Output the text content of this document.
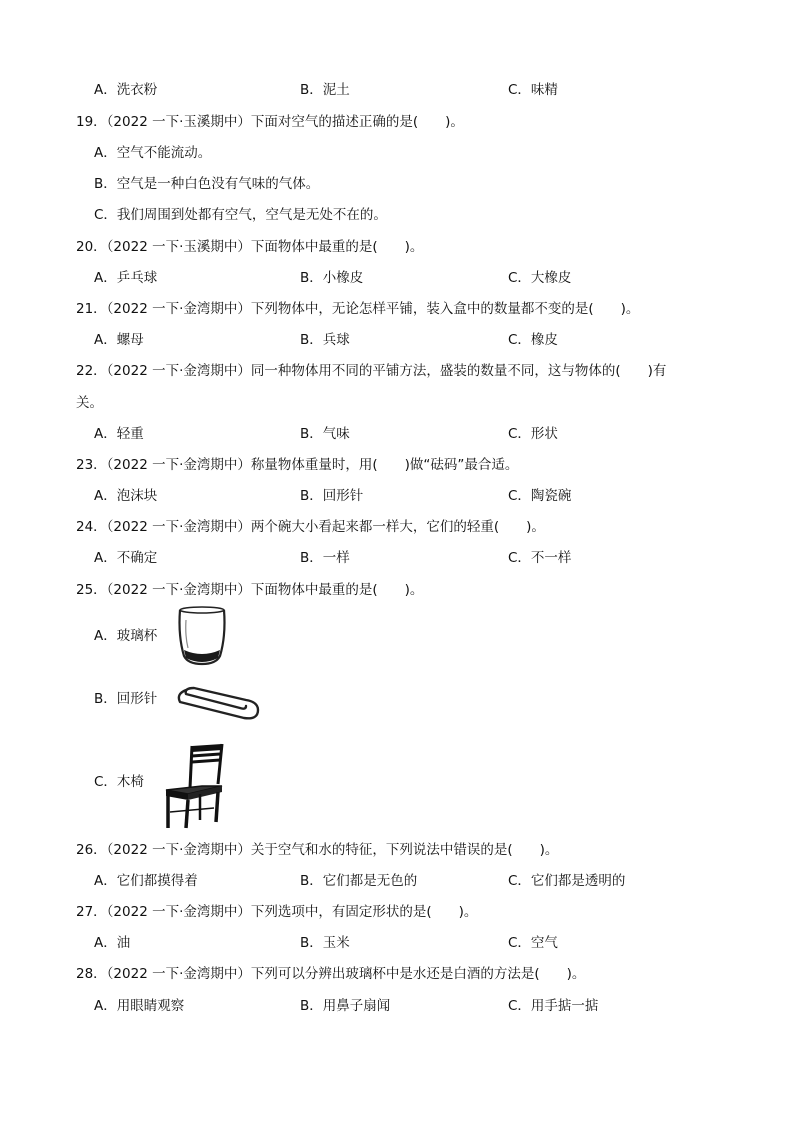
A．洗衣粉	B．泥土	C．味精
19．（2022 一下·玉溪期中）下面对空气的描述正确的是(　　)。
A．空气不能流动。
B．空气是一种白色没有气味的气体。
C．我们周围到处都有空气，空气是无处不在的。
20．（2022 一下·玉溪期中）下面物体中最重的是(　　)。
A．乒乓球	B．小橡皮	C．大橡皮
21．（2022 一下·金湾期中）下列物体中，无论怎样平铺，装入盒中的数量都不变的是(　　)。
A．螺母	B．兵球	C．橡皮
22．（2022 一下·金湾期中）同一种物体用不同的平铺方法，盛装的数量不同，这与物体的(　　)有
关。
A．轻重	B．气味	C．形状
23．（2022 一下·金湾期中）称量物体重量时，用(　　)做“砝码”最合适。
A．泡沫块	B．回形针	C．陶瓷碗
24．（2022 一下·金湾期中）两个碗大小看起来都一样大，它们的轻重(　　)。
A．不确定	B．一样	C．不一样
25．（2022 一下·金湾期中）下面物体中最重的是(　　)。
A．玻璃杯
B．回形针
C．木椅
26．（2022 一下·金湾期中）关于空气和水的特征，下列说法中错误的是(　　)。
A．它们都摸得着	B．它们都是无色的	C．它们都是透明的
27．（2022 一下·金湾期中）下列选项中，有固定形状的是(　　)。
A．油	B．玉米	C．空气
28．（2022 一下·金湾期中）下列可以分辨出玻璃杯中是水还是白酒的方法是(　　)。
A．用眼睛观察	B．用鼻子扇闻	C．用手掂一掂
